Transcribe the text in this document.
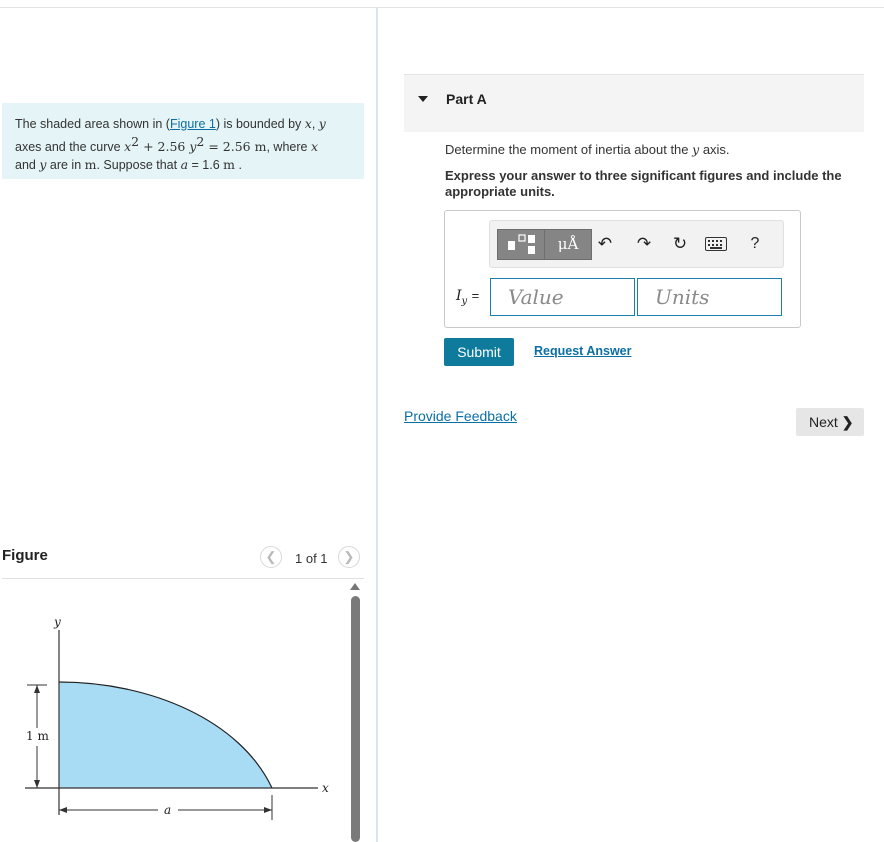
The shaded area shown in (Figure 1) is bounded by x, y
axes and the curve $x^2 + 2.56$ $y^2 = 2.56$ m, where x
and y are in m. Suppose that a = 1.6 m .
Figure	❮	1 of 1	❯
y
x
1 m
a
Part A
Determine the moment of inertia about the y axis.
Express your answer to three significant figures and include the appropriate units.
μÅ	↶ ↷ ↻	?
$I_y$ = Value	Units
Submit	Request Answer
Provide Feedback	Next ❯
